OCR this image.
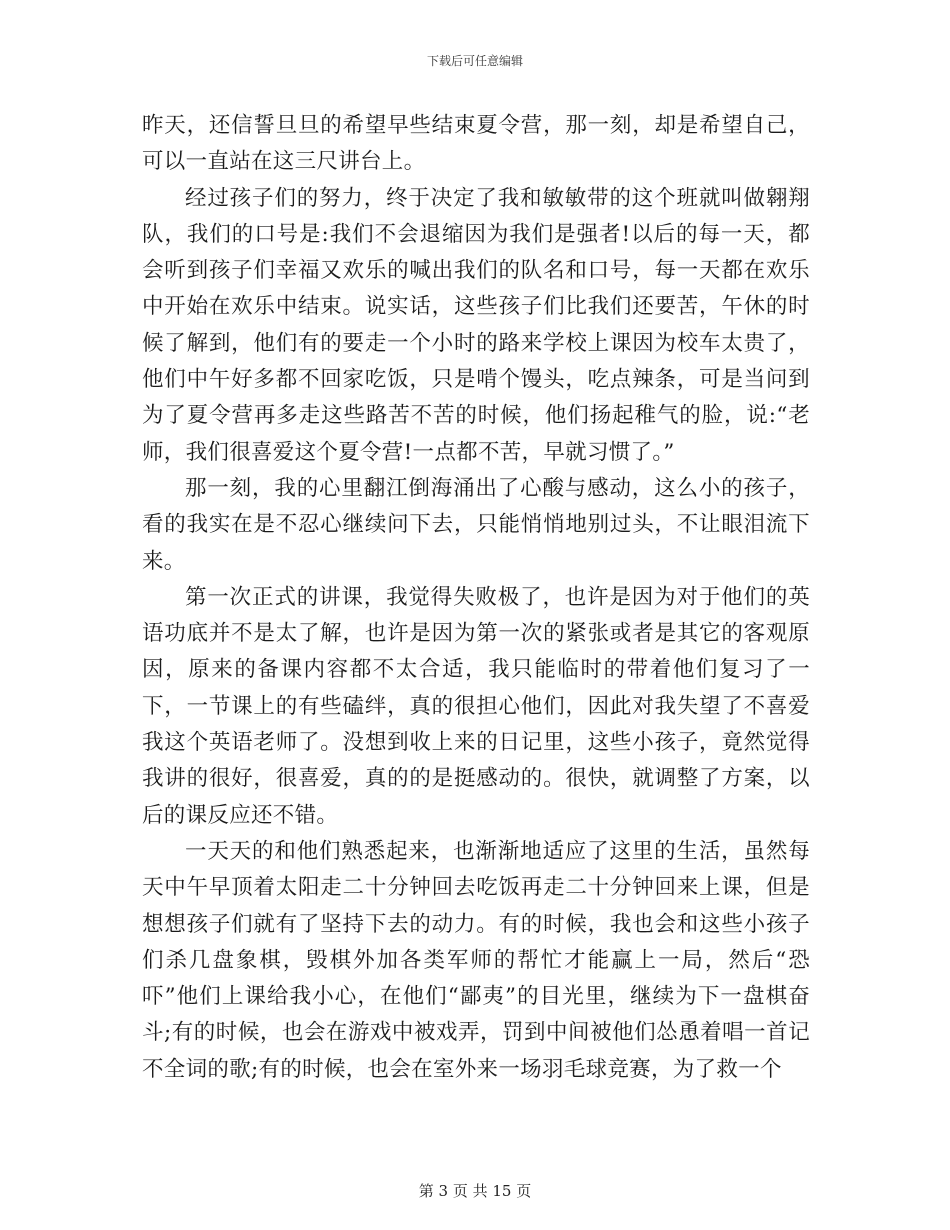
下载后可任意编辑

昨天，还信誓旦旦的希望早些结束夏令营，那一刻，却是希望自己，可以一直站在这三尺讲台上。

经过孩子们的努力，终于决定了我和敏敏带的这个班就叫做翱翔队，我们的口号是:我们不会退缩因为我们是强者!以后的每一天，都会听到孩子们幸福又欢乐的喊出我们的队名和口号，每一天都在欢乐中开始在欢乐中结束。说实话，这些孩子们比我们还要苦，午休的时候了解到，他们有的要走一个小时的路来学校上课因为校车太贵了，他们中午好多都不回家吃饭，只是啃个馒头，吃点辣条，可是当问到为了夏令营再多走这些路苦不苦的时候，他们扬起稚气的脸，说:“老师，我们很喜爱这个夏令营!一点都不苦，早就习惯了。”

那一刻，我的心里翻江倒海涌出了心酸与感动，这么小的孩子，看的我实在是不忍心继续问下去，只能悄悄地别过头，不让眼泪流下来。

第一次正式的讲课，我觉得失败极了，也许是因为对于他们的英语功底并不是太了解，也许是因为第一次的紧张或者是其它的客观原因，原来的备课内容都不太合适，我只能临时的带着他们复习了一下，一节课上的有些磕绊，真的很担心他们，因此对我失望了不喜爱我这个英语老师了。没想到收上来的日记里，这些小孩子，竟然觉得我讲的很好，很喜爱，真的的是挺感动的。很快，就调整了方案，以后的课反应还不错。

一天天的和他们熟悉起来，也渐渐地适应了这里的生活，虽然每天中午早顶着太阳走二十分钟回去吃饭再走二十分钟回来上课，但是想想孩子们就有了坚持下去的动力。有的时候，我也会和这些小孩子们杀几盘象棋，毁棋外加各类军师的帮忙才能赢上一局，然后“恐吓”他们上课给我小心，在他们“鄙夷”的目光里，继续为下一盘棋奋斗;有的时候，也会在游戏中被戏弄，罚到中间被他们怂恿着唱一首记不全词的歌;有的时候，也会在室外来一场羽毛球竞赛，为了救一个

第 3 页 共 15 页
